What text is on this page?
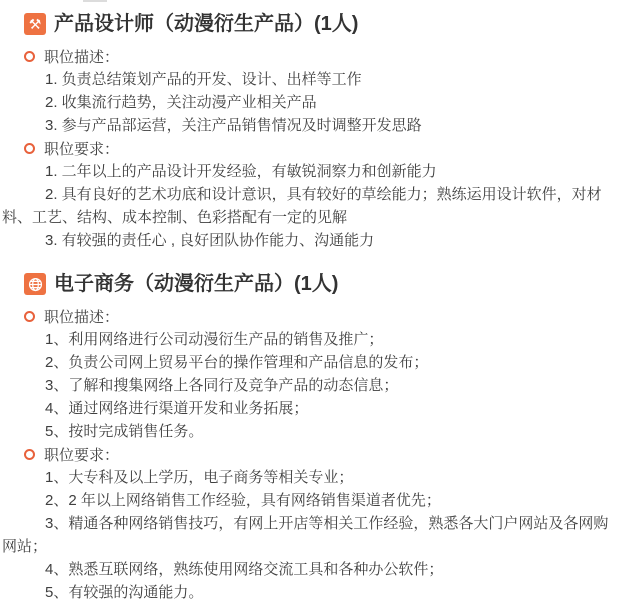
⚒ 产品设计师（动漫衍生产品）(1人)
职位描述：

1. 负责总结策划产品的开发、设计、出样等工作

2. 收集流行趋势，关注动漫产业相关产品

3. 参与产品部运营，关注产品销售情况及时调整开发思路

职位要求：

1. 二年以上的产品设计开发经验，有敏锐洞察力和创新能力

2. 具有良好的艺术功底和设计意识，具有较好的草绘能力；熟练运用设计软件，对材料、工艺、结构、成本控制、色彩搭配有一定的见解

3. 有较强的责任心 , 良好团队协作能力、沟通能力

电子商务（动漫衍生产品）(1人)
职位描述：

1、利用网络进行公司动漫衍生产品的销售及推广；

2、负责公司网上贸易平台的操作管理和产品信息的发布；

3、了解和搜集网络上各同行及竞争产品的动态信息；

4、通过网络进行渠道开发和业务拓展；

5、按时完成销售任务。

职位要求：

1、大专科及以上学历，电子商务等相关专业；

2、2 年以上网络销售工作经验，具有网络销售渠道者优先；

3、精通各种网络销售技巧，有网上开店等相关工作经验，熟悉各大门户网站及各网购网站；

4、熟悉互联网络，熟练使用网络交流工具和各种办公软件；

5、有较强的沟通能力。
